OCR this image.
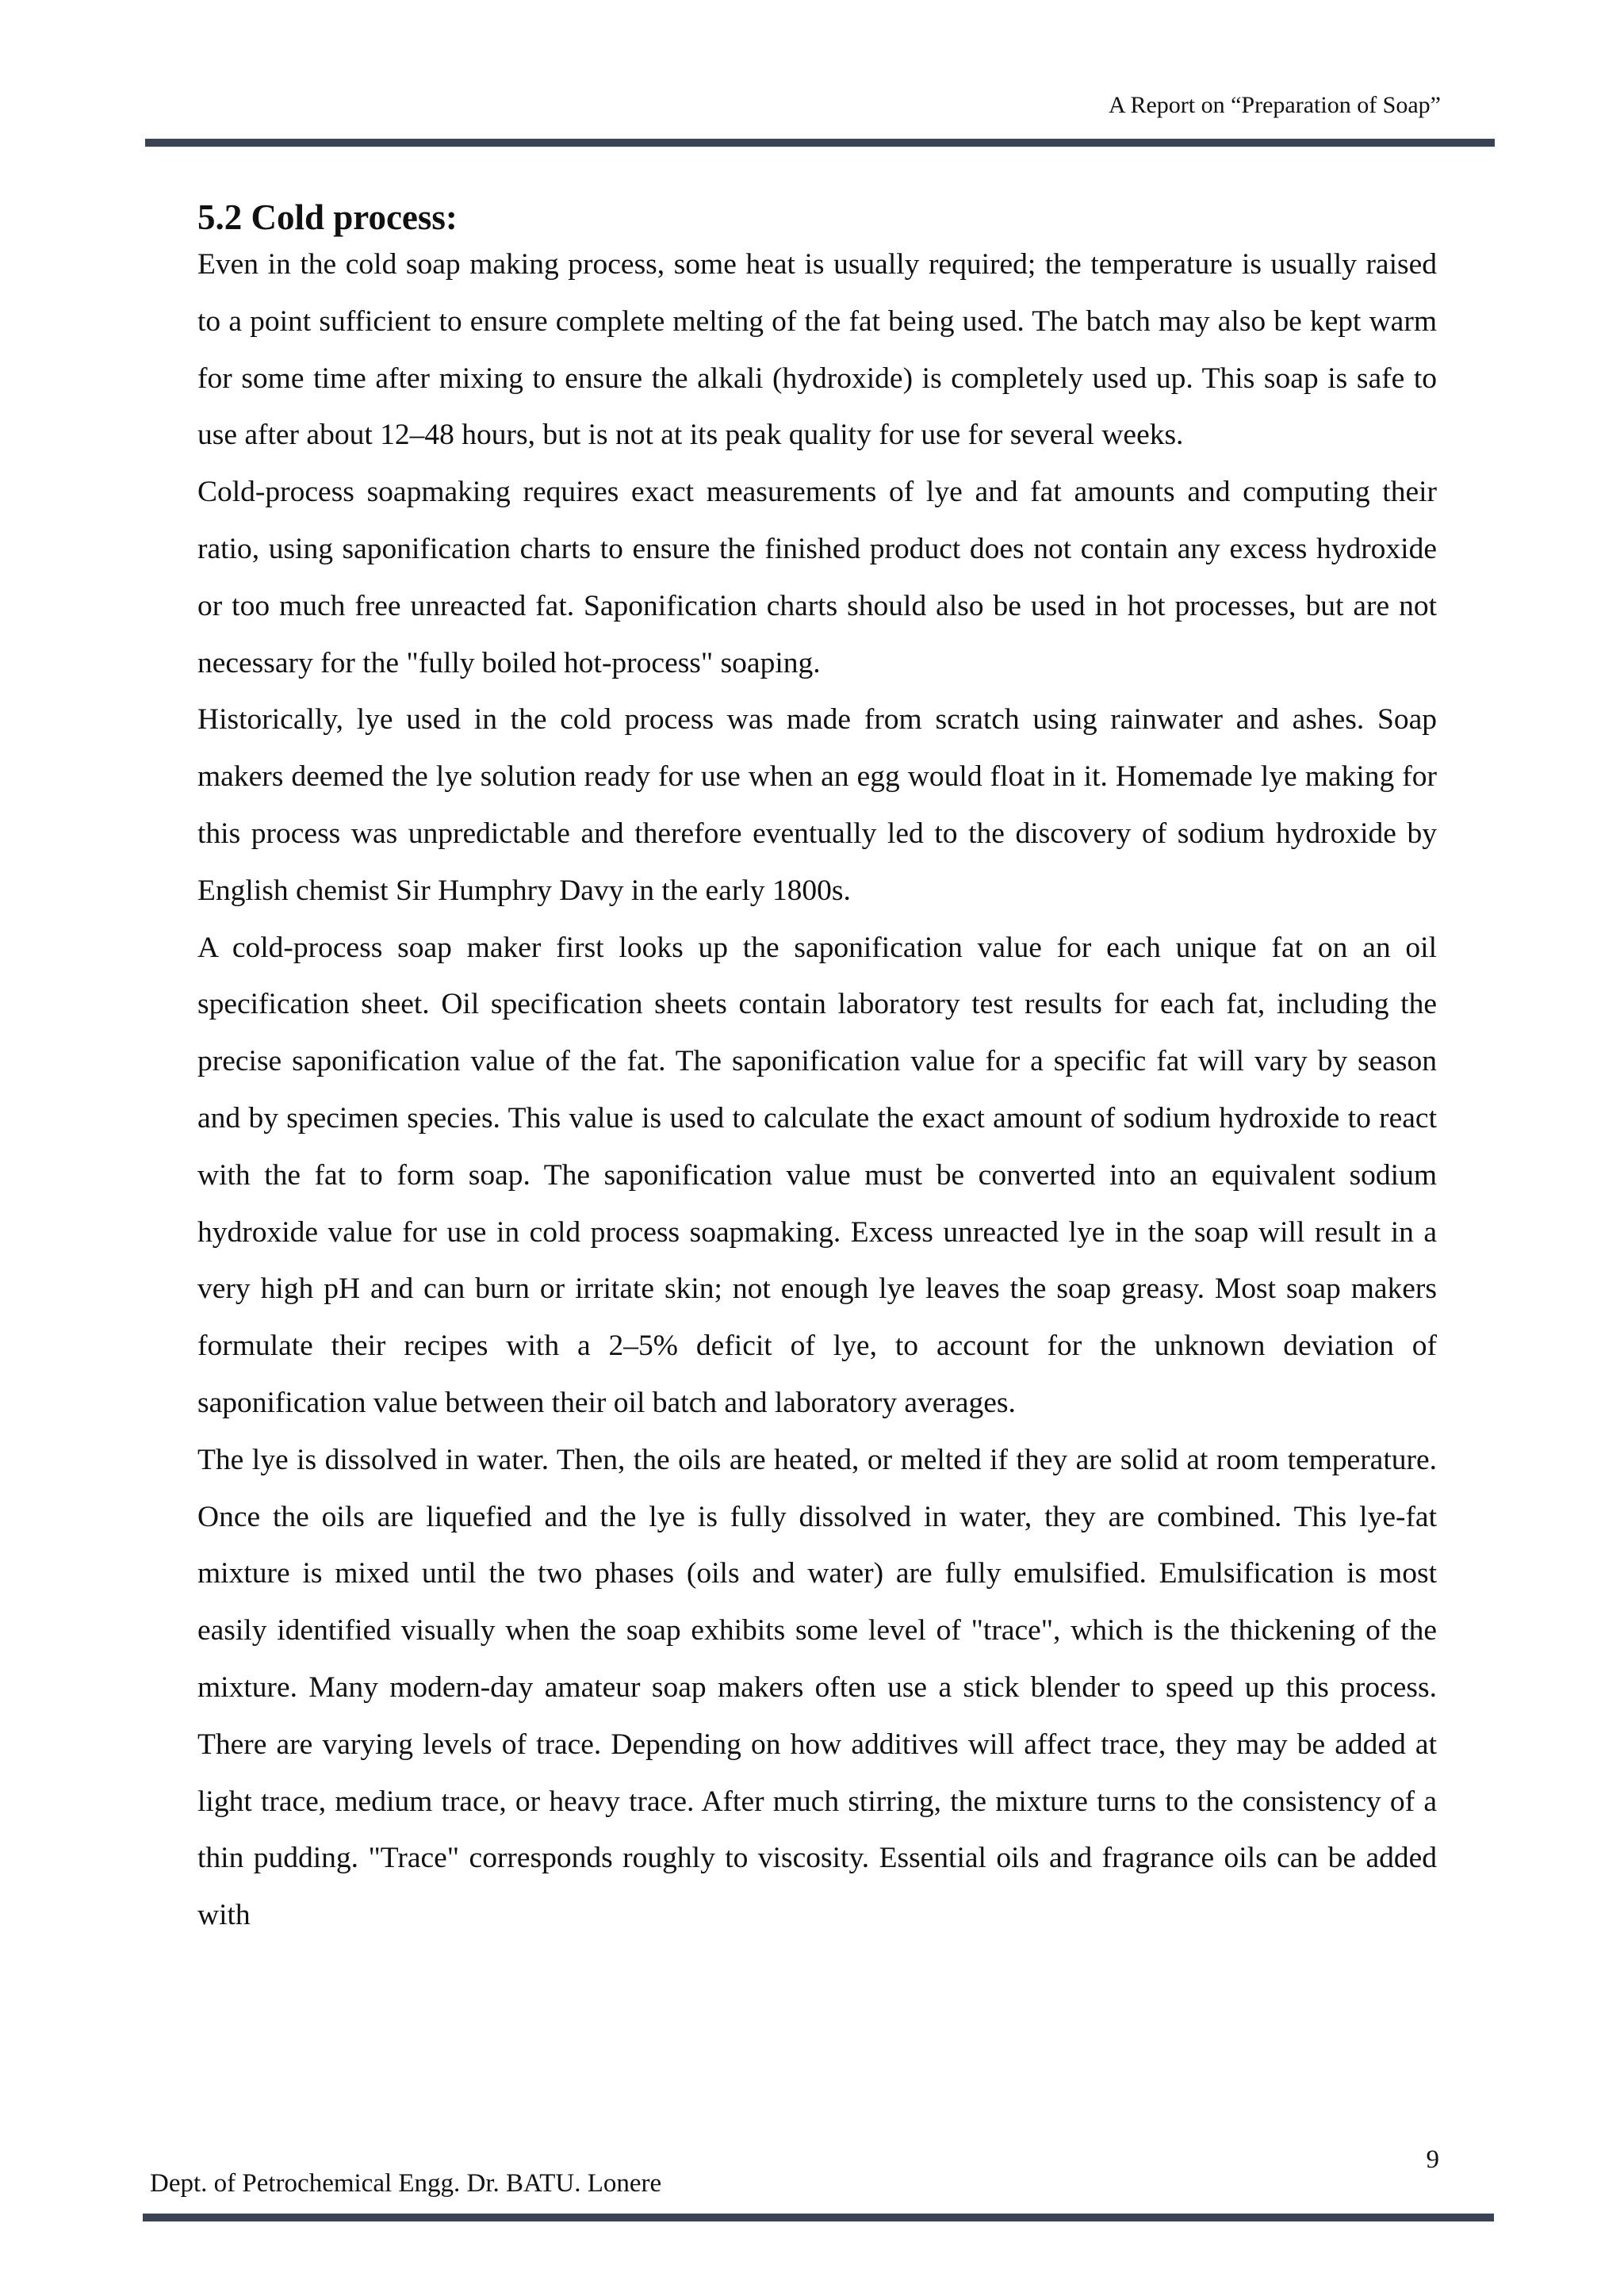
A Report on “Preparation of Soap”
5.2 Cold process:

Even in the cold soap making process, some heat is usually required; the temperature is usually raised to a point sufficient to ensure complete melting of the fat being used. The batch may also be kept warm for some time after mixing to ensure the alkali (hydroxide) is completely used up. This soap is safe to use after about 12–48 hours, but is not at its peak quality for use for several weeks.

Cold-process soapmaking requires exact measurements of lye and fat amounts and computing their ratio, using saponification charts to ensure the finished product does not contain any excess hydroxide or too much free unreacted fat. Saponification charts should also be used in hot processes, but are not necessary for the "fully boiled hot-process" soaping.

Historically, lye used in the cold process was made from scratch using rainwater and ashes. Soap makers deemed the lye solution ready for use when an egg would float in it. Homemade lye making for this process was unpredictable and therefore eventually led to the discovery of sodium hydroxide by English chemist Sir Humphry Davy in the early 1800s.

A cold-process soap maker first looks up the saponification value for each unique fat on an oil specification sheet. Oil specification sheets contain laboratory test results for each fat, including the precise saponification value of the fat. The saponification value for a specific fat will vary by season and by specimen species. This value is used to calculate the exact amount of sodium hydroxide to react with the fat to form soap. The saponification value must be converted into an equivalent sodium hydroxide value for use in cold process soapmaking. Excess unreacted lye in the soap will result in a very high pH and can burn or irritate skin; not enough lye leaves the soap greasy. Most soap makers formulate their recipes with a 2–5% deficit of lye, to account for the unknown deviation of saponification value between their oil batch and laboratory averages.

The lye is dissolved in water. Then, the oils are heated, or melted if they are solid at room temperature. Once the oils are liquefied and the lye is fully dissolved in water, they are combined. This lye-fat mixture is mixed until the two phases (oils and water) are fully emulsified. Emulsification is most easily identified visually when the soap exhibits some level of "trace", which is the thickening of the mixture. Many modern-day amateur soap makers often use a stick blender to speed up this process. There are varying levels of trace. Depending on how additives will affect trace, they may be added at light trace, medium trace, or heavy trace. After much stirring, the mixture turns to the consistency of a thin pudding. "Trace" corresponds roughly to viscosity. Essential oils and fragrance oils can be added with

9
Dept. of Petrochemical Engg. Dr. BATU. Lonere
